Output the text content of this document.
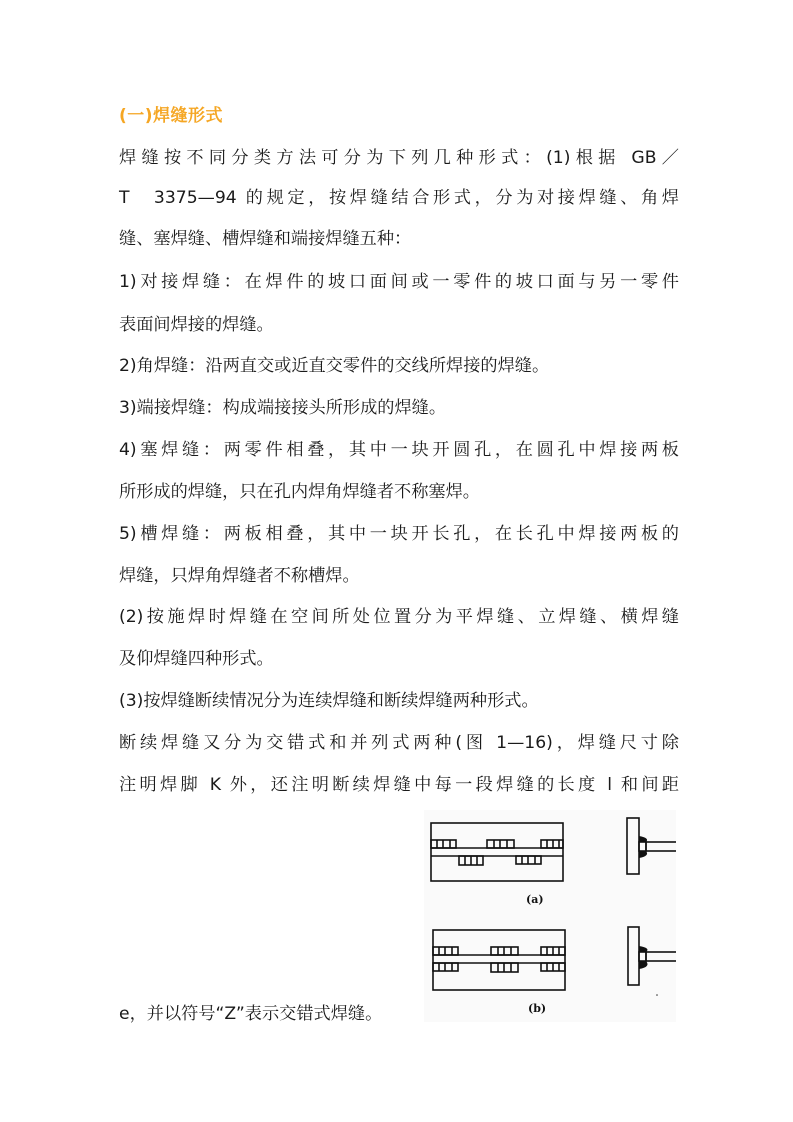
(一)焊缝形式
焊缝按不同分类方法可分为下列几种形式：(1)根据 GB／
T　3375—94 的规定，按焊缝结合形式，分为对接焊缝、角焊
缝、塞焊缝、槽焊缝和端接焊缝五种：
1)对接焊缝：在焊件的坡口面间或一零件的坡口面与另一零件
表面间焊接的焊缝。
2)角焊缝：沿两直交或近直交零件的交线所焊接的焊缝。
3)端接焊缝：构成端接接头所形成的焊缝。
4)塞焊缝：两零件相叠，其中一块开圆孔，在圆孔中焊接两板
所形成的焊缝，只在孔内焊角焊缝者不称塞焊。
5)槽焊缝：两板相叠，其中一块开长孔，在长孔中焊接两板的
焊缝，只焊角焊缝者不称槽焊。
(2)按施焊时焊缝在空间所处位置分为平焊缝、立焊缝、横焊缝
及仰焊缝四种形式。
(3)按焊缝断续情况分为连续焊缝和断续焊缝两种形式。
断续焊缝又分为交错式和并列式两种(图 1—16)，焊缝尺寸除
注明焊脚 K 外，还注明断续焊缝中每一段焊缝的长度 l 和间距
e，并以符号“Z”表示交错式焊缝。
(a)
(b)
